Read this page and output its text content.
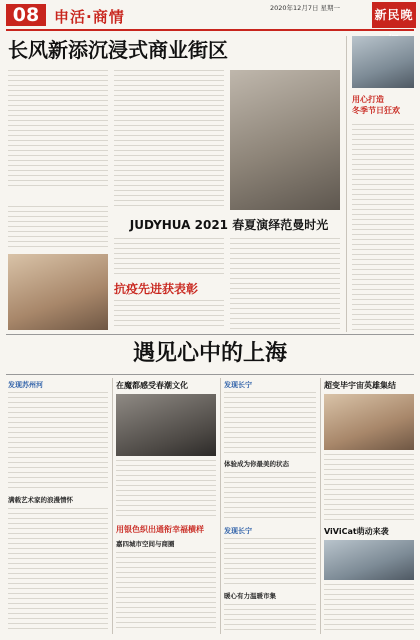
08 申活·商情	2020年12月7日 星期一	新民晚
长风新添沉浸式商业街区
JUDYHUA 2021 春夏演绎范曼时光
抗疫先进获表彰
用心打造
冬季节日狂欢
遇见心中的上海
发现苏州河
满载艺术家的浪漫情怀
在魔都感受春潮文化
用银色织出通衔幸福横样
嘉四城市空间与商圈
发现长宁
体验成为你最美的状态
发现长宁
暖心有力温暖市集
超变毕宇宙英雄集结
ViViCat萌动来袭
